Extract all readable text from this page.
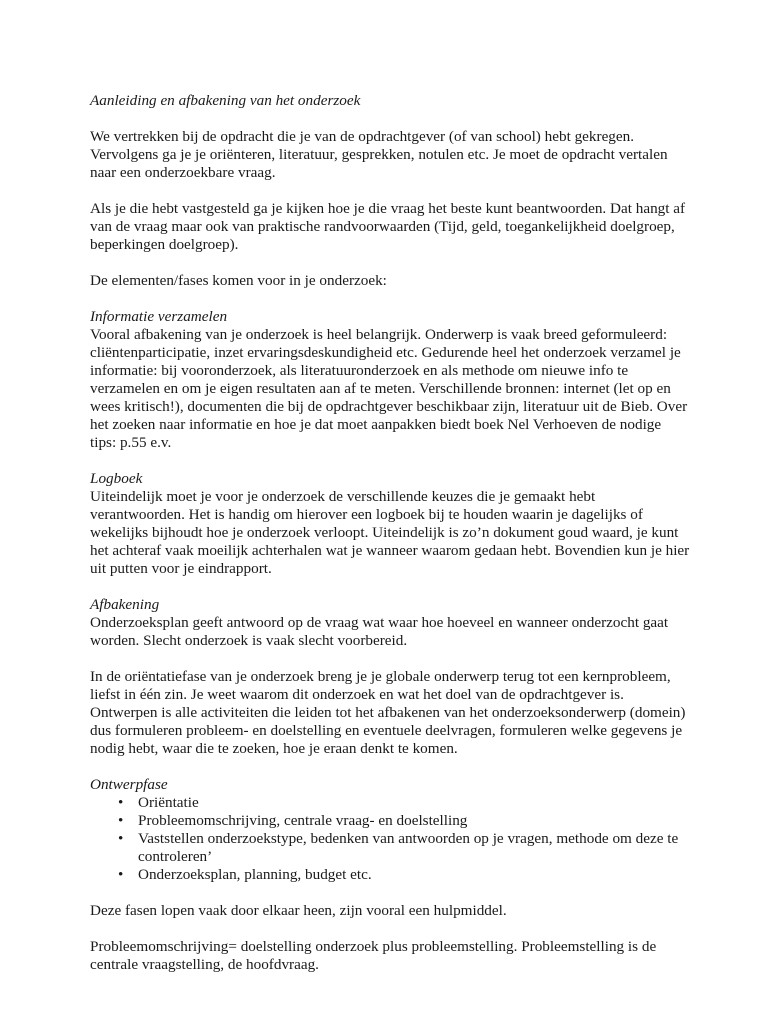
Aanleiding en afbakening van het onderzoek

We vertrekken bij de opdracht die je van de opdrachtgever (of van school) hebt gekregen. Vervolgens ga je je oriënteren, literatuur, gesprekken, notulen etc. Je moet de opdracht vertalen naar een onderzoekbare vraag.

Als je die hebt vastgesteld ga je kijken hoe je die vraag het beste kunt beantwoorden. Dat hangt af van de vraag maar ook van praktische randvoorwaarden (Tijd, geld, toegankelijkheid doelgroep, beperkingen doelgroep).

De elementen/fases komen voor in je onderzoek:

Informatie verzamelen
Vooral afbakening van je onderzoek is heel belangrijk. Onderwerp is vaak breed geformuleerd: cliëntenparticipatie, inzet ervaringsdeskundigheid etc. Gedurende heel het onderzoek verzamel je informatie: bij vooronderzoek, als literatuuronderzoek en als methode om nieuwe info te verzamelen en om je eigen resultaten aan af te meten. Verschillende bronnen: internet (let op en wees kritisch!), documenten die bij de opdrachtgever beschikbaar zijn, literatuur uit de Bieb. Over het zoeken naar informatie en hoe je dat moet aanpakken biedt boek Nel Verhoeven de nodige tips: p.55 e.v.
Logboek
Uiteindelijk moet je voor je onderzoek de verschillende keuzes die je gemaakt hebt verantwoorden. Het is handig om hierover een logboek bij te houden waarin je dagelijks of wekelijks bijhoudt hoe je onderzoek verloopt. Uiteindelijk is zo’n dokument goud waard, je kunt het achteraf vaak moeilijk achterhalen wat je wanneer waarom gedaan hebt. Bovendien kun je hier uit putten voor je eindrapport.
Afbakening
Onderzoeksplan geeft antwoord op de vraag wat waar hoe hoeveel en wanneer onderzocht gaat worden. Slecht onderzoek is vaak slecht voorbereid.

In de oriëntatiefase van je onderzoek breng je je globale onderwerp terug tot een kernprobleem, liefst in één zin. Je weet waarom dit onderzoek en wat het doel van de opdrachtgever is.

Ontwerpen is alle activiteiten die leiden tot het afbakenen van het onderzoeksonderwerp (domein) dus formuleren probleem- en doelstelling en eventuele deelvragen, formuleren welke gegevens je nodig hebt, waar die te zoeken, hoe je eraan denkt te komen.

Ontwerpfase
• Oriëntatie
• Probleemomschrijving, centrale vraag- en doelstelling
• Vaststellen onderzoekstype, bedenken van antwoorden op je vragen, methode om deze te controleren’
• Onderzoeksplan, planning, budget etc.

Deze fasen lopen vaak door elkaar heen, zijn vooral een hulpmiddel.

Probleemomschrijving= doelstelling onderzoek plus probleemstelling. Probleemstelling is de centrale vraagstelling, de hoofdvraag.
